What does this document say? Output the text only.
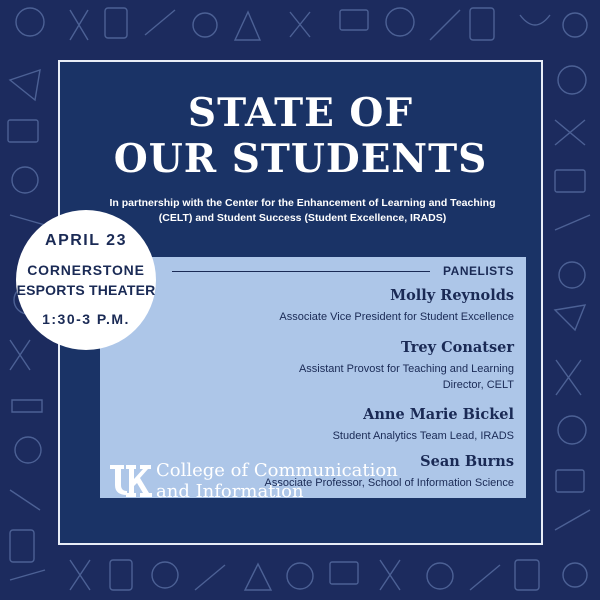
STATE OF
OUR STUDENTS
In partnership with the Center for the Enhancement of Learning and Teaching
(CELT) and Student Success (Student Excellence, IRADS)
PANELISTS
Molly Reynolds
Associate Vice President for Student Excellence
Trey Conatser
Assistant Provost for Teaching and Learning
Director, CELT
Anne Marie Bickel
Student Analytics Team Lead, IRADS
Sean Burns
Associate Professor, School of Information Science
APRIL 23
CORNERSTONE
ESPORTS THEATER
1:30-3 P.M.
College of Communication
and Information
